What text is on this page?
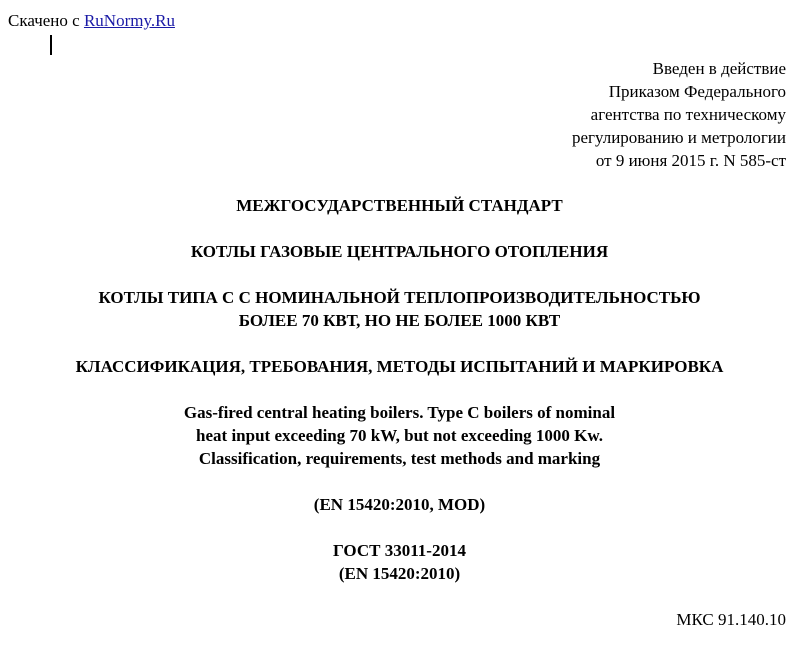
Скачено с RuNormy.Ru
Введен в действие
Приказом Федерального
агентства по техническому
регулированию и метрологии
от 9 июня 2015 г. N 585-ст
МЕЖГОСУДАРСТВЕННЫЙ СТАНДАРТ
КОТЛЫ ГАЗОВЫЕ ЦЕНТРАЛЬНОГО ОТОПЛЕНИЯ
КОТЛЫ ТИПА С С НОМИНАЛЬНОЙ ТЕПЛОПРОИЗВОДИТЕЛЬНОСТЬЮ
БОЛЕЕ 70 КВТ, НО НЕ БОЛЕЕ 1000 КВТ
КЛАССИФИКАЦИЯ, ТРЕБОВАНИЯ, МЕТОДЫ ИСПЫТАНИЙ И МАРКИРОВКА
Gas-fired central heating boilers. Type C boilers of nominal
heat input exceeding 70 kW, but not exceeding 1000 Kw.
Classification, requirements, test methods and marking
(EN 15420:2010, MOD)
ГОСТ 33011-2014
(EN 15420:2010)
МКС 91.140.10
